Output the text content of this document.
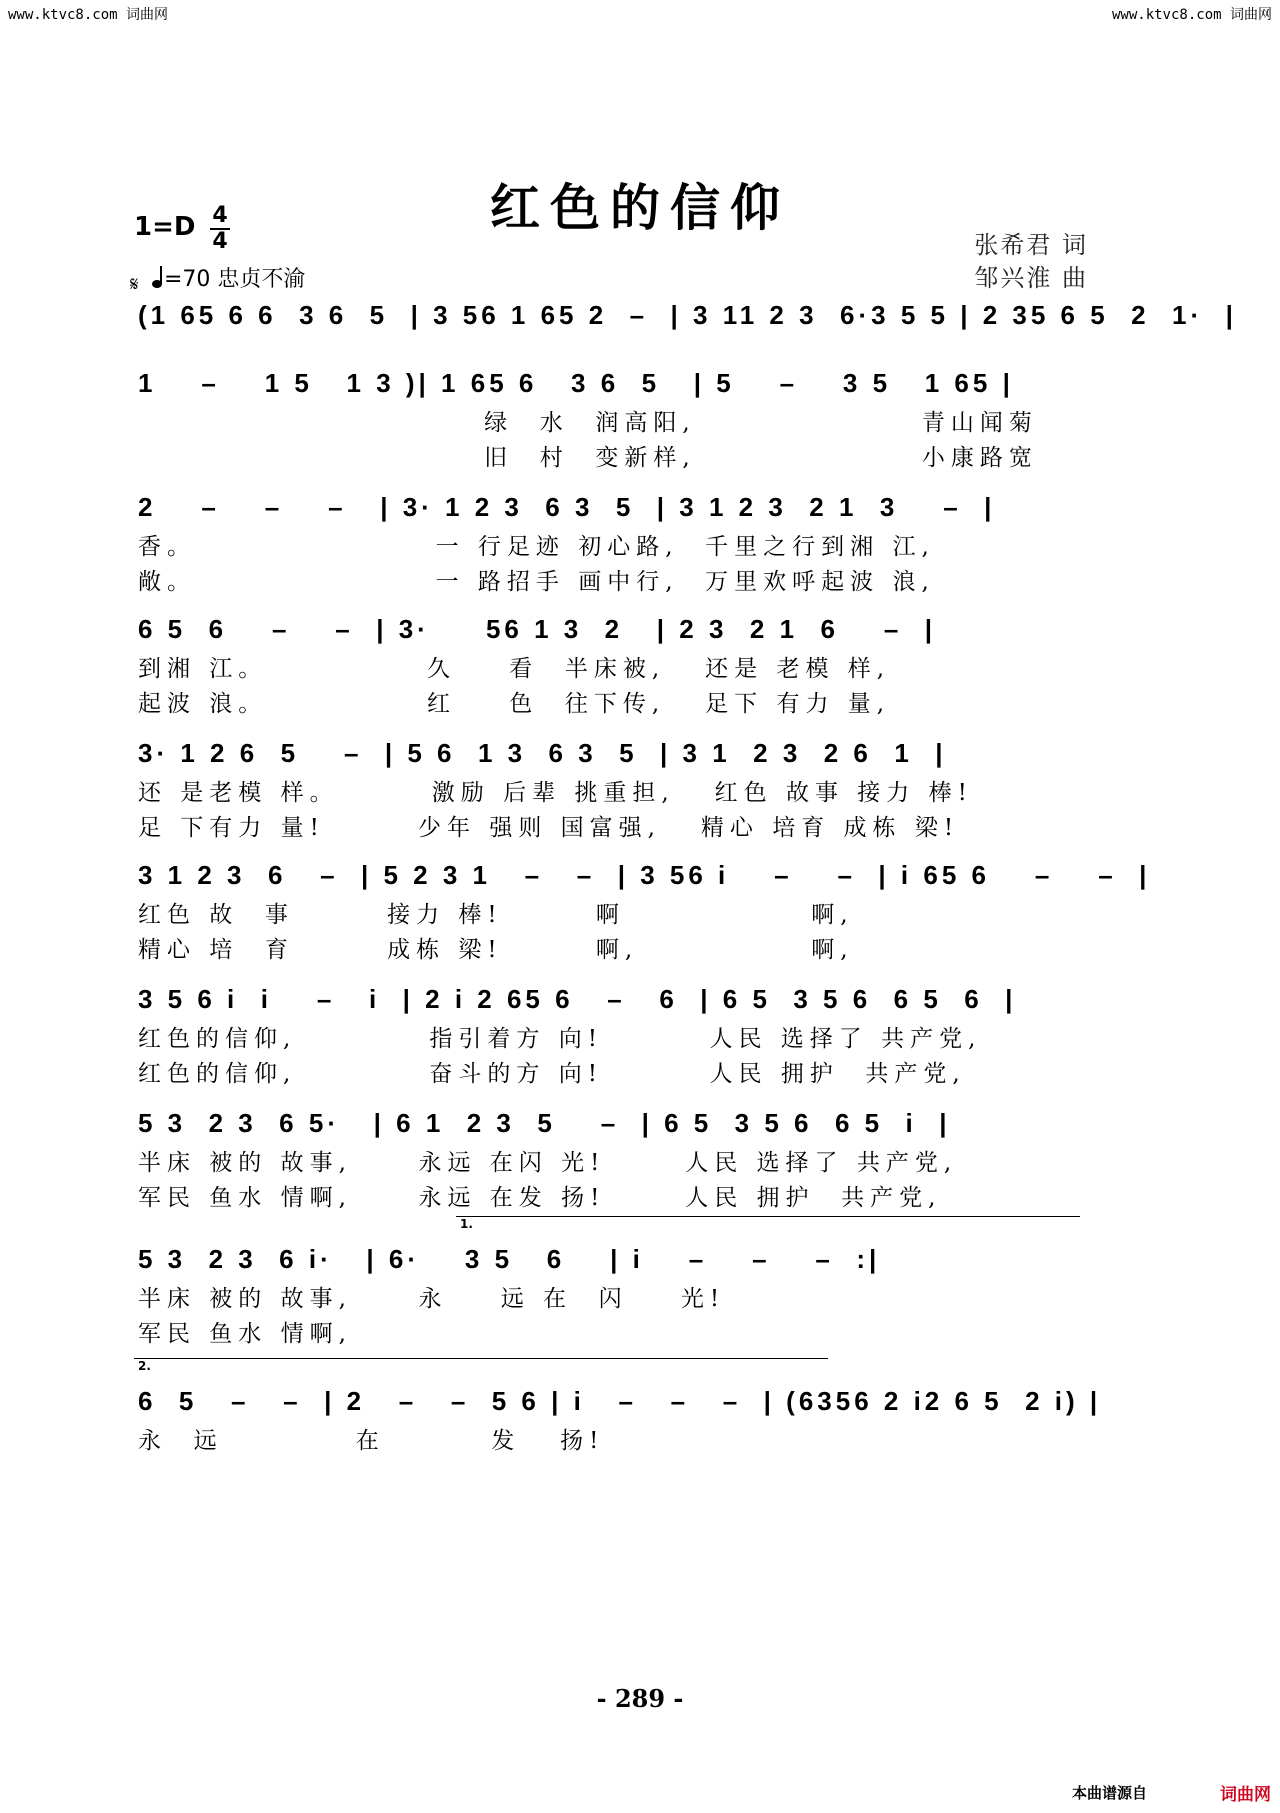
www.ktvc8.com 词曲网	www.ktvc8.com 词曲网
红色的信仰
1=D 4
4
𝄋	=70 忠贞不渝
张希君 词
邹兴淮 曲
(1 65 6 6  3 6  5  | 3 56 1 65 2  –  | 3 11 2 3  6·3 5 5 | 2 35 6 5  2  1·  |
1    –    1 5   1 3 )| 1 65 6   3 6  5   | 5    –    3 5   1 65 |
绿  水  润高阳,                 青山闻菊
旧  村  变新样,                 小康路宽
2    –    –    –   | 3· 1 2 3  6 3  5  | 3 1 2 3  2 1  3    –  |
香。                  一 行足迹 初心路,  千里之行到湘 江,
敞。                  一 路招手 画中行,  万里欢呼起波 浪,
6 5  6    –    –  | 3·     56 1 3  2   | 2 3  2 1  6    –  |
到湘 江。            久    看  半床被,   还是 老模 样,
起波 浪。            红    色  往下传,   足下 有力 量,
3· 1 2 6  5    –  | 5 6  1 3  6 3  5  | 3 1  2 3  2 6  1  |
还 是老模 样。       激励 后辈 挑重担,   红色 故事 接力 棒!
足 下有力 量!       少年 强则 国富强,   精心 培育 成栋 梁!
3 1 2 3  6   –  | 5 2 3 1   –   –  | 3 56 i    –    –  | i 65 6    –    –  |
红色 故  事       接力 棒!       啊              啊,
精心 培  育       成栋 梁!       啊,             啊,
3 5 6 i  i    –   i  | 2 i 2 65 6   –   6  | 6 5  3 5 6  6 5  6  |
红色的信仰,          指引着方 向!        人民 选择了 共产党,
红色的信仰,          奋斗的方 向!        人民 拥护  共产党,
5 3  2 3  6 5·   | 6 1  2 3  5    –  | 6 5  3 5 6  6 5  i  |
半床 被的 故事,     永远 在闪 光!      人民 选择了 共产党,
军民 鱼水 情啊,     永远 在发 扬!      人民 拥护  共产党,
5 3  2 3  6 i·   | 6·    3 5   6    | i    –    –    –  :|
半床 被的 故事,     永    远 在  闪    光!
军民 鱼水 情啊,
6  5   –   –  | 2   –   –  5 6 | i   –   –   –  | (6356 2 i2 6 5  2 i) |
永  远          在        发   扬!
1.
2.
- 289 -
本曲谱源自	词曲网
